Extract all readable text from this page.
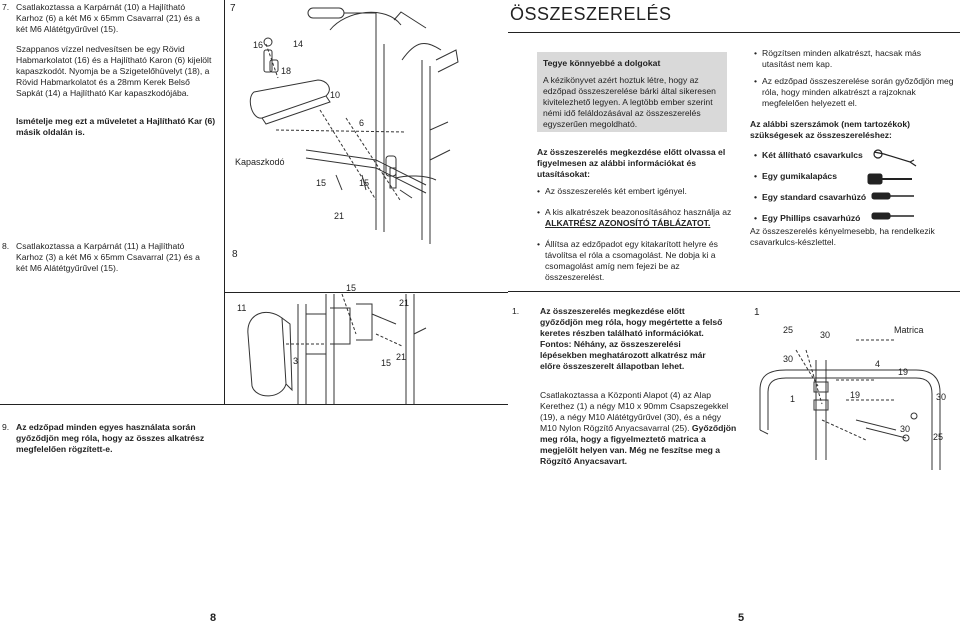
7. Csatlakoztassa a Karpárnát (10) a Hajlítható Karhoz (6) a két M6 x 65mm Csavarral (21) és a két M6 Alátétgyűrűvel (15).
Szappanos vízzel nedvesítsen be egy Rövid Habmarkolatot (16) és a Hajlítható Karon (6) kijelölt kapaszkodót. Nyomja be a Szigetelőhüvelyt (18), a Rövid Habmarkolatot és a 28mm Kerek Belső Sapkát (14) a Hajlítható Kar kapaszkodójába.
Ismételje meg ezt a műveletet a Hajlítható Kar (6) másik oldalán is.
8. Csatlakoztassa a Karpárnát (11) a Hajlítható Karhoz (3) a két M6 x 65mm Csavarral (21) és a két M6 Alátétgyűrűvel (15).
9. Az edzőpad minden egyes használata során győződjön meg róla, hogy az összes alkatrész megfelelően rögzített-e.
7
8
16	14
18
10
6
Kapaszkodó
15	15
21
15
11	21
3	15
21
8
ÖSSZESZERELÉS
Tegye könnyebbé a dolgokat
A kézikönyvet azért hoztuk létre, hogy az edzőpad összeszerelése bárki által sikeresen kivitelezhető legyen. A legtöbb ember szerint némi idő feláldozásával az összeszerelés egyszerűen megoldható.
Az összeszerelés megkezdése előtt olvassa el figyelmesen az alábbi információkat és utasításokat:
• Az összeszerelés két embert igényel.
• A kis alkatrészek beazonosításához használja az ALKATRÉSZ AZONOSÍTÓ TÁBLÁZATOT.
• Állítsa az edzőpadot egy kitakarított helyre és távolítsa el róla a csomagolást. Ne dobja ki a csomagolást amíg nem fejezi be az összeszerelést.
• Rögzítsen minden alkatrészt, hacsak más utasítást nem kap.
• Az edzőpad összeszerelése során győződjön meg róla, hogy minden alkatrészt a rajzoknak megfelelően helyezett el.
Az alábbi szerszámok (nem tartozékok) szükségesek az összeszereléshez:
• Két állítható csavarkulcs
• Egy gumikalapács
• Egy standard csavarhúzó
• Egy Phillips csavarhúzó
Az összeszerelés kényelmesebb, ha rendelkezik csavarkulcs-készlettel.
1. Az összeszerelés megkezdése előtt
győződjön meg róla, hogy megértette a felső
keretes részben található információkat.
Fontos: Néhány, az összeszerelési
lépésekben meghatározott alkatrész már
előre összeszerelt állapotban lehet.
Csatlakoztassa a Központi Alapot (4) az Alap Kerethez (1) a négy M10 x 90mm Csapszegekkel (19), a négy M10 Alátétgyűrűvel (30), és a négy M10 Nylon Rögzítő Anyacsavarral (25). Győződjön meg róla, hogy a figyelmeztető matrica a megjelölt helyen van. Még ne feszítse meg a Rögzítő Anyacsavart.
1
25	30	Matrica
30	4
19
1	19	30
30
25
5
